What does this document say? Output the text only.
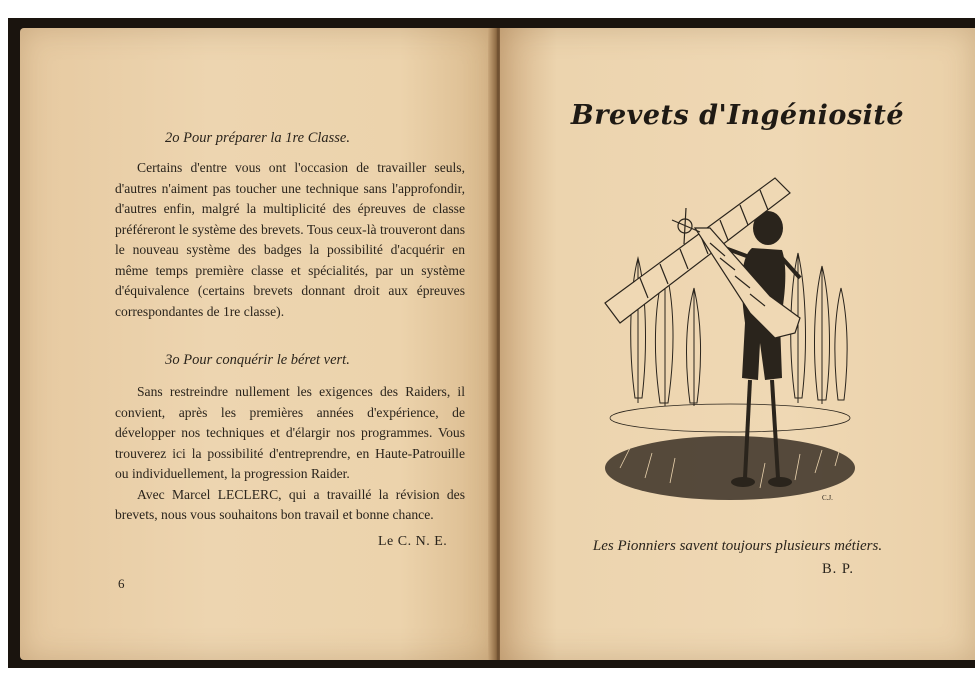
2o Pour préparer la 1re Classe.

Certains d'entre vous ont l'occasion de travailler seuls, d'autres n'aiment pas toucher une technique sans l'approfondir, d'autres enfin, malgré la multiplicité des épreuves de classe préféreront le système des brevets. Tous ceux-là trouveront dans le nouveau système des badges la possibilité d'acquérir en même temps première classe et spécialités, par un système d'équivalence (certains brevets donnant droit aux épreuves correspondantes de 1re classe).

3o Pour conquérir le béret vert.

Sans restreindre nullement les exigences des Raiders, il convient, après les premières années d'expérience, de développer nos techniques et d'élargir nos programmes. Vous trouverez ici la possibilité d'entreprendre, en Haute-Patrouille ou individuellement, la progression Raider.

Avec Marcel LECLERC, qui a travaillé la révision des brevets, nous vous souhaitons bon travail et bonne chance.

Le C. N. E.
6
Brevets d'Ingéniosité
C.J.
Les Pionniers savent toujours plusieurs métiers.
B. P.
